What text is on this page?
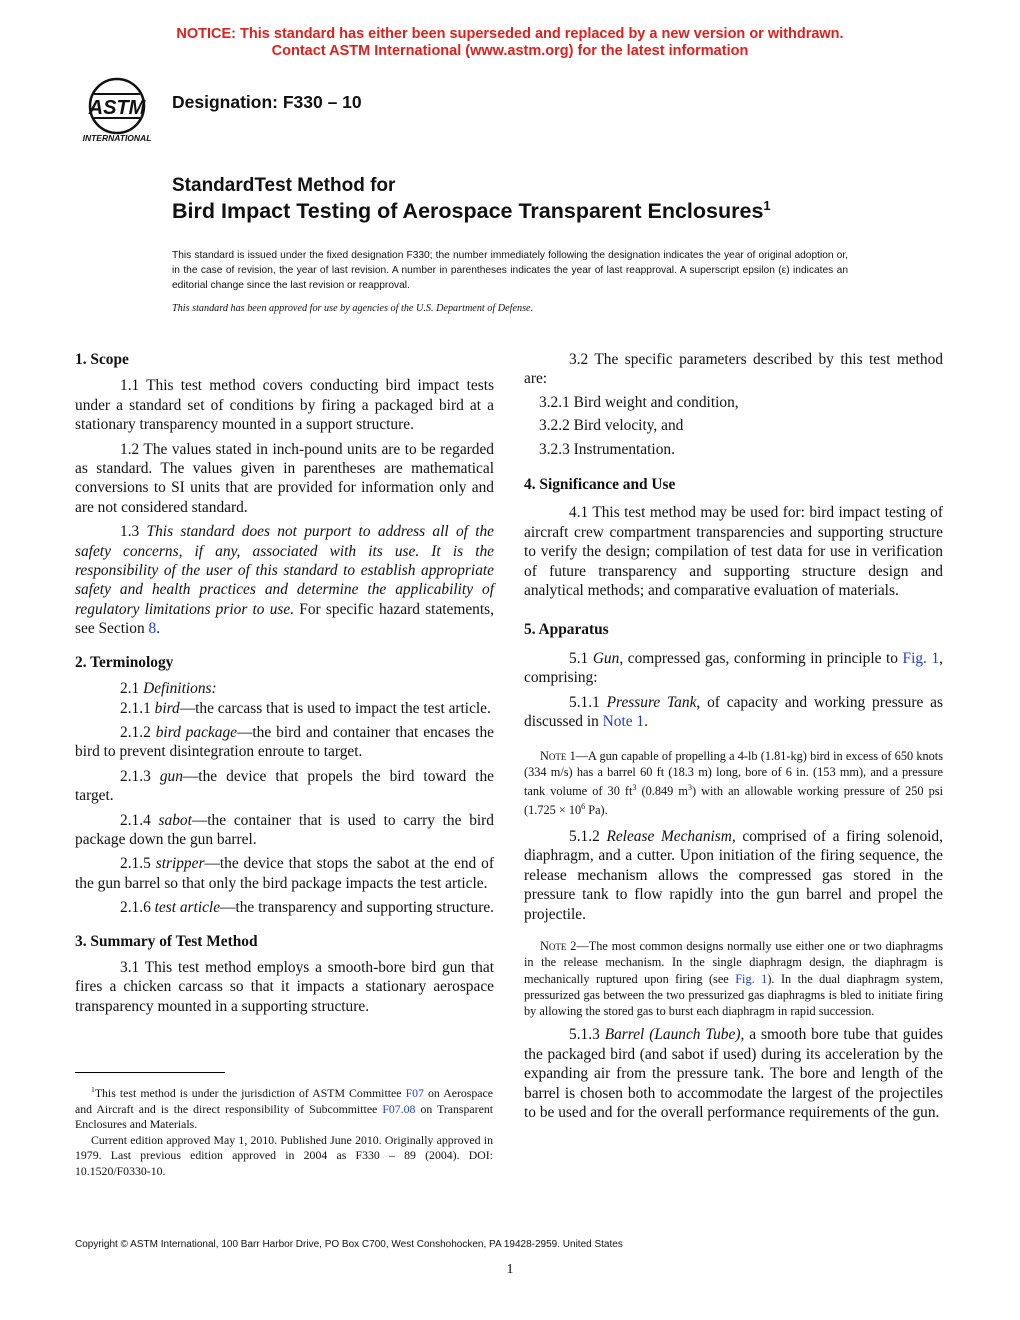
NOTICE: This standard has either been superseded and replaced by a new version or withdrawn.
Contact ASTM International (www.astm.org) for the latest information
ASTM
INTERNATIONAL
Designation: F330 – 10
StandardTest Method for
Bird Impact Testing of Aerospace Transparent Enclosures$^1$
This standard is issued under the fixed designation F330; the number immediately following the designation indicates the year of original adoption or, in the case of revision, the year of last revision. A number in parentheses indicates the year of last reapproval. A superscript epsilon (ε) indicates an editorial change since the last revision or reapproval.
This standard has been approved for use by agencies of the U.S. Department of Defense.
1. Scope

1.1 This test method covers conducting bird impact tests under a standard set of conditions by firing a packaged bird at a stationary transparency mounted in a support structure.

1.2 The values stated in inch-pound units are to be regarded as standard. The values given in parentheses are mathematical conversions to SI units that are provided for information only and are not considered standard.

1.3 This standard does not purport to address all of the safety concerns, if any, associated with its use. It is the responsibility of the user of this standard to establish appropriate safety and health practices and determine the applicability of regulatory limitations prior to use. For specific hazard statements, see Section 8.

2. Terminology

2.1 Definitions:

2.1.1 bird—the carcass that is used to impact the test article.

2.1.2 bird package—the bird and container that encases the bird to prevent disintegration enroute to target.

2.1.3 gun—the device that propels the bird toward the target.

2.1.4 sabot—the container that is used to carry the bird package down the gun barrel.

2.1.5 stripper—the device that stops the sabot at the end of the gun barrel so that only the bird package impacts the test article.

2.1.6 test article—the transparency and supporting structure.

3. Summary of Test Method

3.1 This test method employs a smooth-bore bird gun that fires a chicken carcass so that it impacts a stationary aerospace transparency mounted in a supporting structure.

$^1$This test method is under the jurisdiction of ASTM Committee F07 on Aerospace and Aircraft and is the direct responsibility of Subcommittee F07.08 on Transparent Enclosures and Materials.
Current edition approved May 1, 2010. Published June 2010. Originally approved in 1979. Last previous edition approved in 2004 as F330 – 89 (2004). DOI: 10.1520/F0330-10.

3.2 The specific parameters described by this test method are:

3.2.1 Bird weight and condition,

3.2.2 Bird velocity, and

3.2.3 Instrumentation.

4. Significance and Use

4.1 This test method may be used for: bird impact testing of aircraft crew compartment transparencies and supporting structure to verify the design; compilation of test data for use in verification of future transparency and supporting structure design and analytical methods; and comparative evaluation of materials.

5. Apparatus

5.1 Gun, compressed gas, conforming in principle to Fig. 1, comprising:

5.1.1 Pressure Tank, of capacity and working pressure as discussed in Note 1.

Note 1—A gun capable of propelling a 4-lb (1.81-kg) bird in excess of 650 knots (334 m/s) has a barrel 60 ft (18.3 m) long, bore of 6 in. (153 mm), and a pressure tank volume of 30 $ft^3$ (0.849 $m^3$) with an allowable working pressure of 250 psi ($1.725 \times 10^6$ Pa).

5.1.2 Release Mechanism, comprised of a firing solenoid, diaphragm, and a cutter. Upon initiation of the firing sequence, the release mechanism allows the compressed gas stored in the pressure tank to flow rapidly into the gun barrel and propel the projectile.

Note 2—The most common designs normally use either one or two diaphragms in the release mechanism. In the single diaphragm design, the diaphragm is mechanically ruptured upon firing (see Fig. 1). In the dual diaphragm system, pressurized gas between the two pressurized gas diaphragms is bled to initiate firing by allowing the stored gas to burst each diaphragm in rapid succession.

5.1.3 Barrel (Launch Tube), a smooth bore tube that guides the packaged bird (and sabot if used) during its acceleration by the expanding air from the pressure tank. The bore and length of the barrel is chosen both to accommodate the largest of the projectiles to be used and for the overall performance requirements of the gun.

Copyright © ASTM International, 100 Barr Harbor Drive, PO Box C700, West Conshohocken, PA 19428-2959. United States
1
